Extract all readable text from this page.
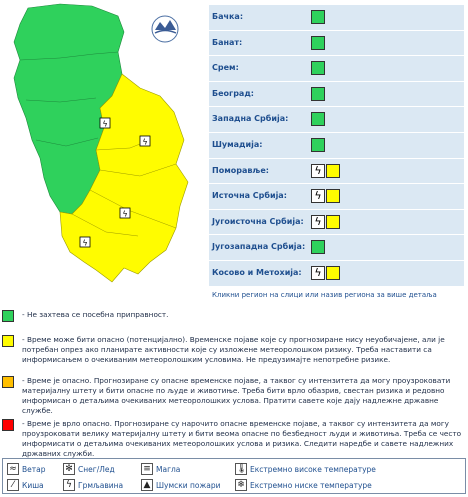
ϟ
ϟ
ϟ
ϟ
Бачка:
Банат:
Срем:
Београд:
Западна Србија:
Шумадија:
Поморавље:	ϟ
Источна Србија:	ϟ
Југоисточна Србија: ϟ
Југозападна Србија:
Косово и Метохија:	ϟ
Кликни регион на слици или назив региона за више детаља
- Не захтева се посебна приправност.
- Време може бити опасно (потенцијално). Временске појаве које су прогнозиране нису неуобичајене, али је потребан опрез ако планирате активности које су изложене метеоролошком ризику. Треба наставити са информисањем о очекиваним метеоролошким условима. Не предузимајте непотребне ризике.
- Време је опасно. Прогнозиране су опасне временске појаве, а таквог су интензитета да могу проузроковати материјалну штету и бити опасне по људе и животиње. Треба бити врло обазрив, свестан ризика и редовно информисан о детаљима очекиваних метеоролошких услова. Пратити савете које дају надлежне државне службе.
- Време је врло опасно. Прогнозиране су нарочито опасне временске појаве, а таквог су интензитета да могу проузроковати велику материјалну штету и бити веома опасне по безбедност људи и животиња. Треба се често информисати о детаљима очекиваних метеоролошких услова и ризика. Следити наредбе и савете надлежних државних служби.
≈ Ветар ✻ Снег/Лед	≡ Магла	🌡 Екстремно високе температуре
⁄	Киша	ϟ Грмљавина ▲ Шумски пожари ❄ Екстремно ниске температуре
